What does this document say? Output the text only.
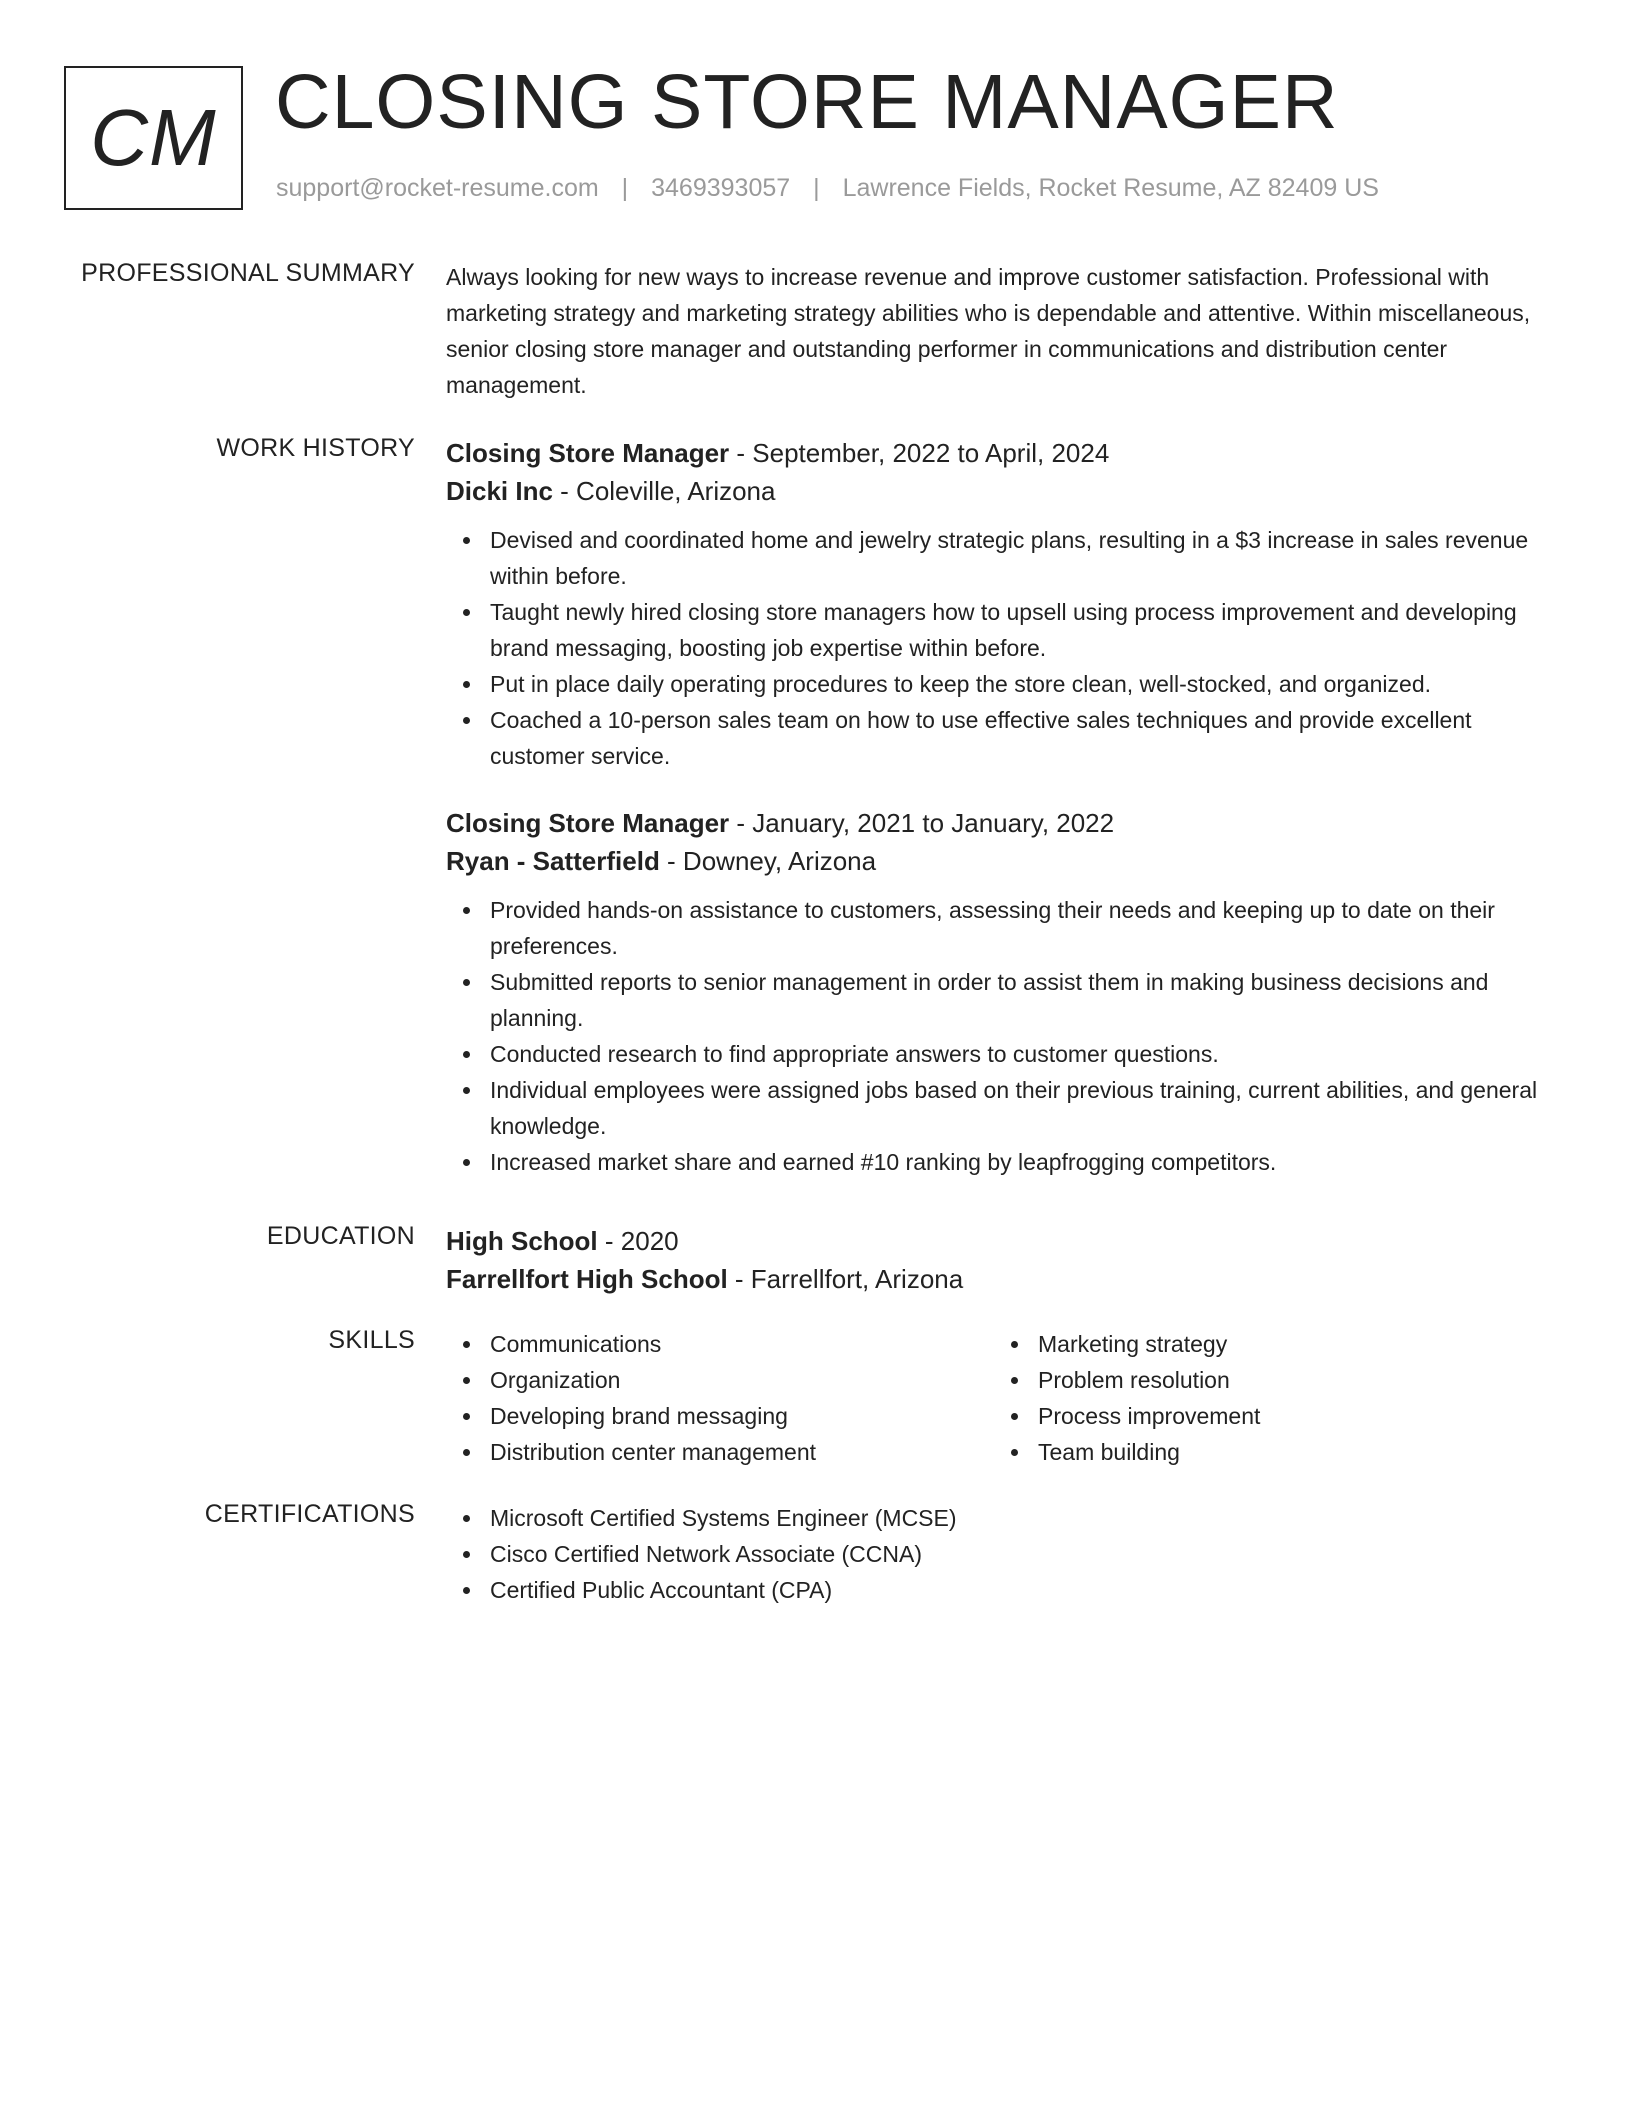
CM CLOSING STORE MANAGER
support@rocket-resume.com | 3469393057 | Lawrence Fields, Rocket Resume, AZ 82409 US
PROFESSIONAL SUMMARY Always looking for new ways to increase revenue and improve customer satisfaction. Professional with marketing strategy and marketing strategy abilities who is dependable and attentive. Within miscellaneous, senior closing store manager and outstanding performer in communications and distribution center management.
WORK HISTORY Closing Store Manager - September, 2022 to April, 2024
Dicki Inc - Coleville, Arizona
Devised and coordinated home and jewelry strategic plans, resulting in a $3 increase in sales revenue within before.
Taught newly hired closing store managers how to upsell using process improvement and developing brand messaging, boosting job expertise within before.
Put in place daily operating procedures to keep the store clean, well-stocked, and organized.
Coached a 10-person sales team on how to use effective sales techniques and provide excellent customer service.
Closing Store Manager - January, 2021 to January, 2022
Ryan - Satterfield - Downey, Arizona
Provided hands-on assistance to customers, assessing their needs and keeping up to date on their preferences.
Submitted reports to senior management in order to assist them in making business decisions and planning.
Conducted research to find appropriate answers to customer questions.
Individual employees were assigned jobs based on their previous training, current abilities, and general knowledge.
Increased market share and earned #10 ranking by leapfrogging competitors.
EDUCATION High School - 2020
Farrellfort High School - Farrellfort, Arizona
SKILLS	Communications
Organization
Developing brand messaging
Distribution center management
Marketing strategy
Problem resolution
Process improvement
Team building
CERTIFICATIONS	Microsoft Certified Systems Engineer (MCSE)
Cisco Certified Network Associate (CCNA)
Certified Public Accountant (CPA)
